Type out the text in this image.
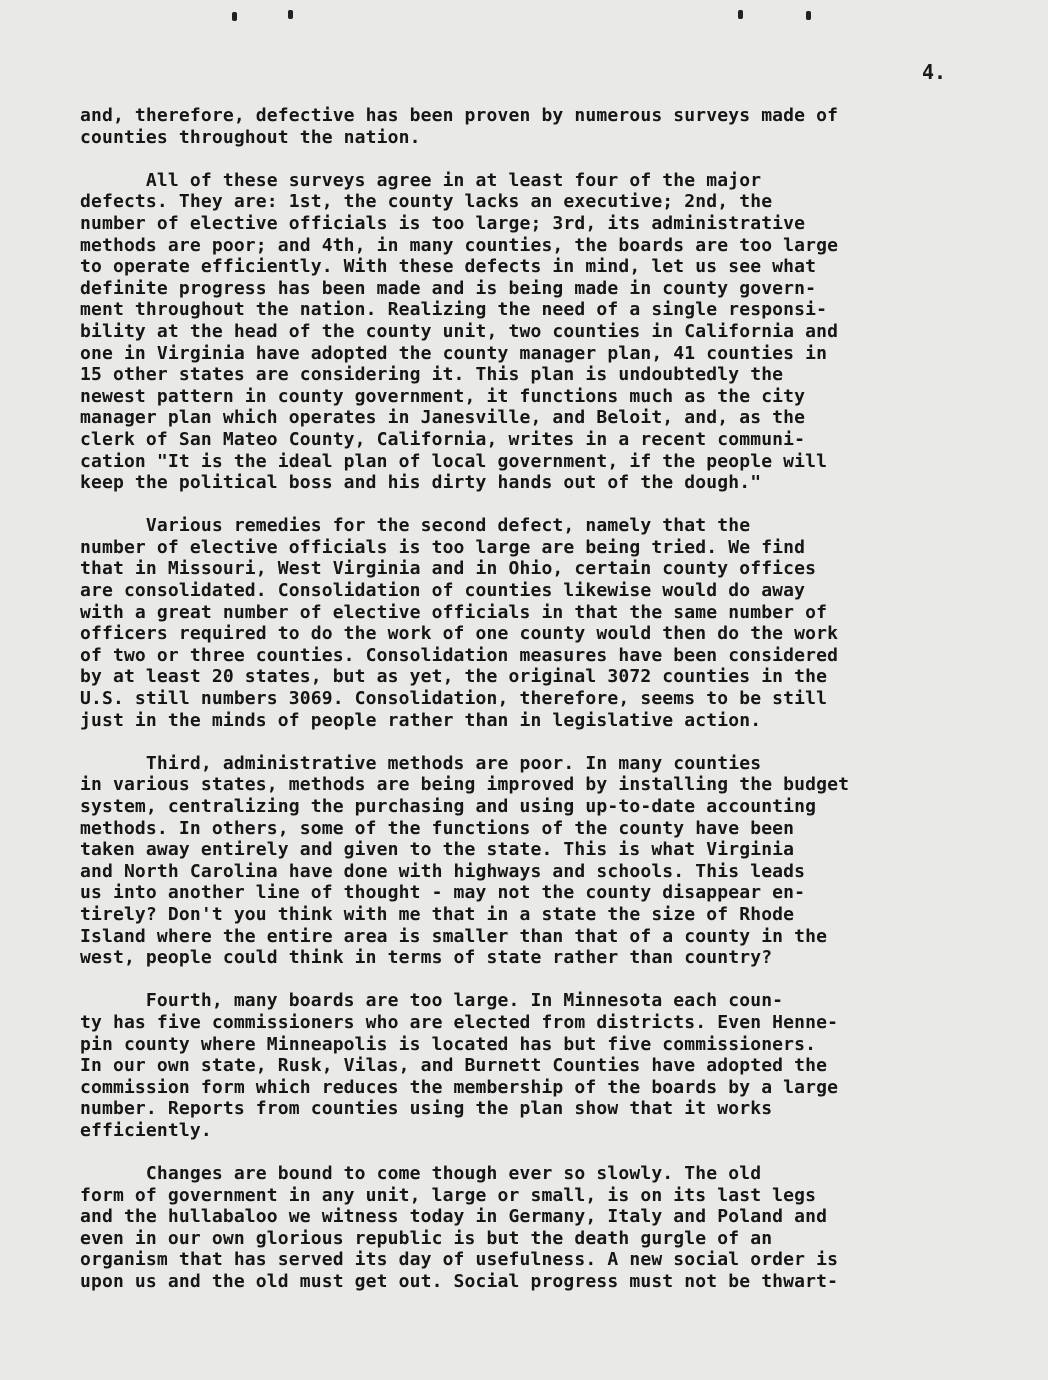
4.
and, therefore, defective has been proven by numerous surveys made of
counties throughout the nation.
All of these surveys agree in at least four of the major
defects. They are: 1st, the county lacks an executive; 2nd, the
number of elective officials is too large; 3rd, its administrative
methods are poor; and 4th, in many counties, the boards are too large
to operate efficiently. With these defects in mind, let us see what
definite progress has been made and is being made in county govern-
ment throughout the nation. Realizing the need of a single responsi-
bility at the head of the county unit, two counties in California and
one in Virginia have adopted the county manager plan, 41 counties in
15 other states are considering it. This plan is undoubtedly the
newest pattern in county government, it functions much as the city
manager plan which operates in Janesville, and Beloit, and, as the
clerk of San Mateo County, California, writes in a recent communi-
cation "It is the ideal plan of local government, if the people will
keep the political boss and his dirty hands out of the dough."
Various remedies for the second defect, namely that the
number of elective officials is too large are being tried. We find
that in Missouri, West Virginia and in Ohio, certain county offices
are consolidated. Consolidation of counties likewise would do away
with a great number of elective officials in that the same number of
officers required to do the work of one county would then do the work
of two or three counties. Consolidation measures have been considered
by at least 20 states, but as yet, the original 3072 counties in the
U.S. still numbers 3069. Consolidation, therefore, seems to be still
just in the minds of people rather than in legislative action.
Third, administrative methods are poor. In many counties
in various states, methods are being improved by installing the budget
system, centralizing the purchasing and using up-to-date accounting
methods. In others, some of the functions of the county have been
taken away entirely and given to the state. This is what Virginia
and North Carolina have done with highways and schools. This leads
us into another line of thought - may not the county disappear en-
tirely? Don't you think with me that in a state the size of Rhode
Island where the entire area is smaller than that of a county in the
west, people could think in terms of state rather than country?
Fourth, many boards are too large. In Minnesota each coun-
ty has five commissioners who are elected from districts. Even Henne-
pin county where Minneapolis is located has but five commissioners.
In our own state, Rusk, Vilas, and Burnett Counties have adopted the
commission form which reduces the membership of the boards by a large
number. Reports from counties using the plan show that it works
efficiently.
Changes are bound to come though ever so slowly. The old
form of government in any unit, large or small, is on its last legs
and the hullabaloo we witness today in Germany, Italy and Poland and
even in our own glorious republic is but the death gurgle of an
organism that has served its day of usefulness. A new social order is
upon us and the old must get out. Social progress must not be thwart-
